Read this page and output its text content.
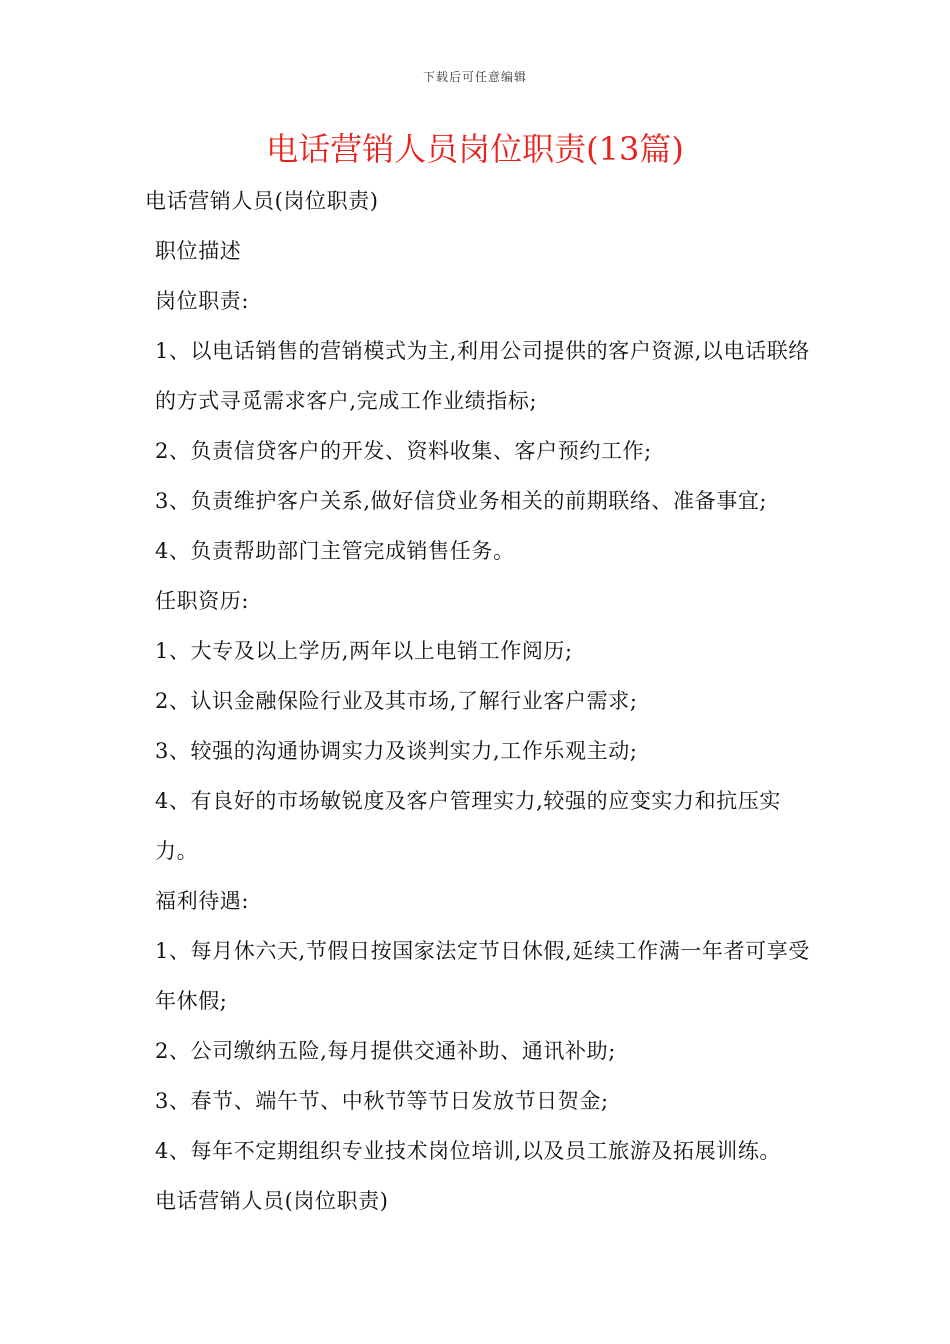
下载后可任意编辑
电话营销人员岗位职责(13篇)

电话营销人员(岗位职责)

职位描述

岗位职责:

1、以电话销售的营销模式为主,利用公司提供的客户资源,以电话联络的方式寻觅需求客户,完成工作业绩指标;

2、负责信贷客户的开发、资料收集、客户预约工作;

3、负责维护客户关系,做好信贷业务相关的前期联络、准备事宜;

4、负责帮助部门主管完成销售任务。

任职资历:

1、大专及以上学历,两年以上电销工作阅历;

2、认识金融保险行业及其市场,了解行业客户需求;

3、较强的沟通协调实力及谈判实力,工作乐观主动;

4、有良好的市场敏锐度及客户管理实力,较强的应变实力和抗压实力。

福利待遇:

1、每月休六天,节假日按国家法定节日休假,延续工作满一年者可享受年休假;

2、公司缴纳五险,每月提供交通补助、通讯补助;

3、春节、端午节、中秋节等节日发放节日贺金;

4、每年不定期组织专业技术岗位培训,以及员工旅游及拓展训练。

电话营销人员(岗位职责)
